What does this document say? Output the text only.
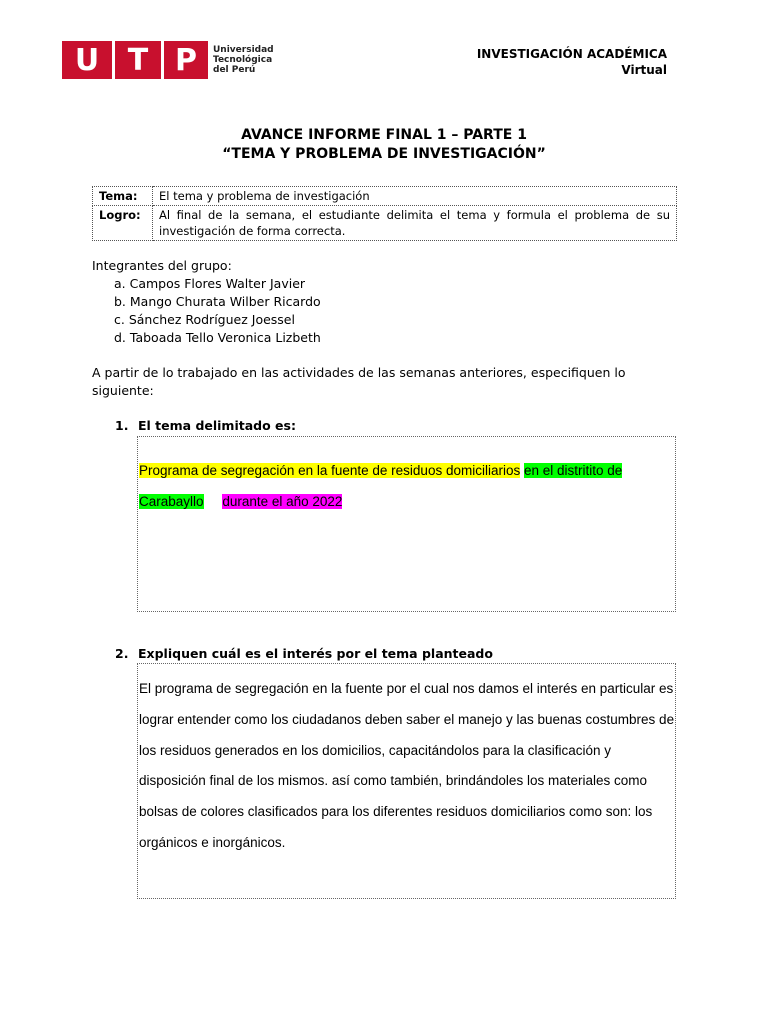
U T P	Universidad
Tecnológica
del Perú
INVESTIGACIÓN ACADÉMICA
Virtual
AVANCE INFORME FINAL 1 – PARTE 1
“TEMA Y PROBLEMA DE INVESTIGACIÓN”
Tema:	El tema y problema de investigación
Logro:	Al final de la semana, el estudiante delimita el tema y formula el problema de su investigación de forma correcta.
Integrantes del grupo:
a. Campos Flores Walter Javier
b. Mango Churata Wilber Ricardo
c. Sánchez Rodríguez Joessel
d. Taboada Tello Veronica Lizbeth
A partir de lo trabajado en las actividades de las semanas anteriores, especifiquen lo siguiente:
1. El tema delimitado es:
Programa de segregación en la fuente de residuos domiciliarios en el distritito de Carabayllo durante el año 2022
2. Expliquen cuál es el interés por el tema planteado
El programa de segregación en la fuente por el cual nos damos el interés en particular es lograr entender como los ciudadanos deben saber el manejo y las buenas costumbres de los residuos generados en los domicilios, capacitándolos para la clasificación y disposición final de los mismos. así como también, brindándoles los materiales como bolsas de colores clasificados para los diferentes residuos domiciliarios como son: los orgánicos e inorgánicos.
